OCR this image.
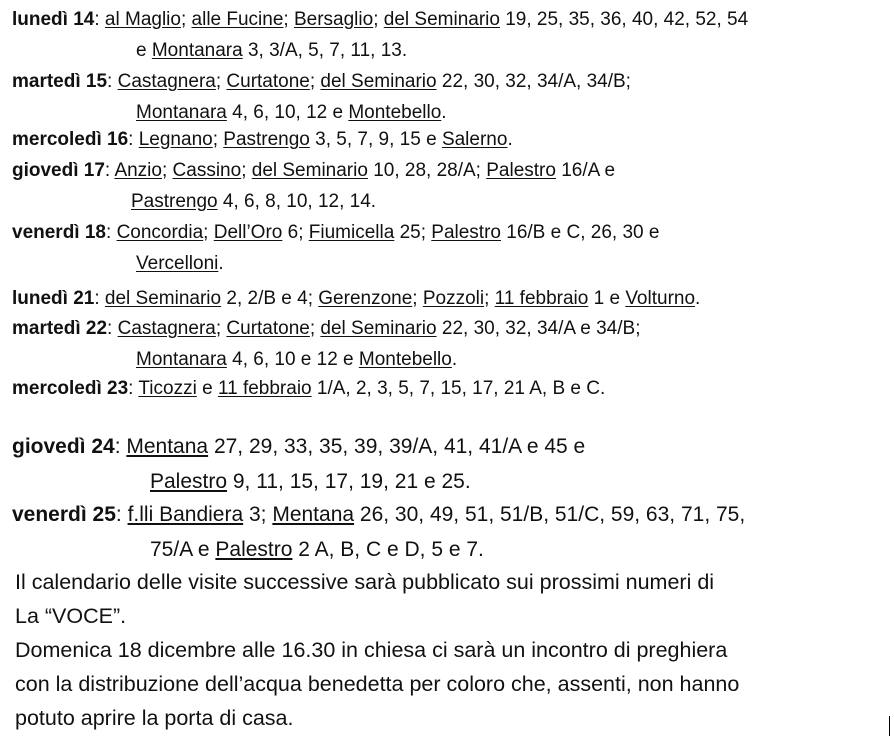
lunedì 14: al Maglio; alle Fucine; Bersaglio; del Seminario 19, 25, 35, 36, 40, 42, 52, 54
e Montanara 3, 3/A, 5, 7, 11, 13.
martedì 15: Castagnera; Curtatone; del Seminario 22, 30, 32, 34/A, 34/B;
Montanara 4, 6, 10, 12 e Montebello.
mercoledì 16: Legnano; Pastrengo 3, 5, 7, 9, 15 e Salerno.
giovedì 17: Anzio; Cassino; del Seminario 10, 28, 28/A; Palestro 16/A e
Pastrengo 4, 6, 8, 10, 12, 14.
venerdì 18: Concordia; Dell’Oro 6; Fiumicella 25; Palestro 16/B e C, 26, 30 e
Vercelloni.
lunedì 21: del Seminario 2, 2/B e 4; Gerenzone; Pozzoli; 11 febbraio 1 e Volturno.
martedì 22: Castagnera; Curtatone; del Seminario 22, 30, 32, 34/A e 34/B;
Montanara 4, 6, 10 e 12 e Montebello.
mercoledì 23: Ticozzi e 11 febbraio 1/A, 2, 3, 5, 7, 15, 17, 21 A, B e C.
giovedì 24: Mentana 27, 29, 33, 35, 39, 39/A, 41, 41/A e 45 e
Palestro 9, 11, 15, 17, 19, 21 e 25.
venerdì 25: f.lli Bandiera 3; Mentana 26, 30, 49, 51, 51/B, 51/C, 59, 63, 71, 75,
75/A e Palestro 2 A, B, C e D, 5 e 7.
Il calendario delle visite successive sarà pubblicato sui prossimi numeri di
La “VOCE”.
Domenica 18 dicembre alle 16.30 in chiesa ci sarà un incontro di preghiera
con la distribuzione dell’acqua benedetta per coloro che, assenti, non hanno
potuto aprire la porta di casa.
